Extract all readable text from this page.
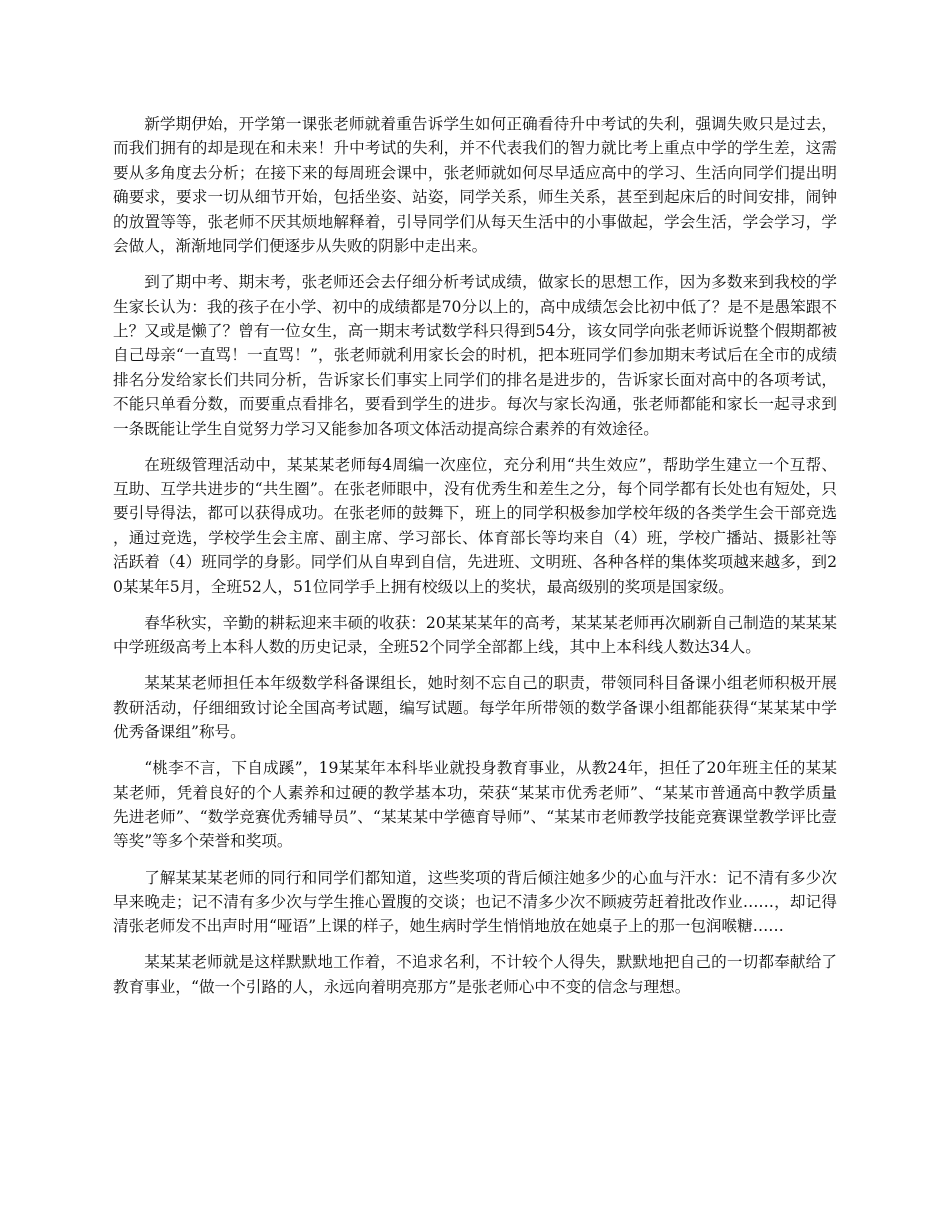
新学期伊始，开学第一课张老师就着重告诉学生如何正确看待升中考试的失利，强调失败只是过去，而我们拥有的却是现在和未来！升中考试的失利，并不代表我们的智力就比考上重点中学的学生差，这需要从多角度去分析；在接下来的每周班会课中，张老师就如何尽早适应高中的学习、生活向同学们提出明确要求，要求一切从细节开始，包括坐姿、站姿，同学关系，师生关系，甚至到起床后的时间安排，闹钟的放置等等，张老师不厌其烦地解释着，引导同学们从每天生活中的小事做起，学会生活，学会学习，学会做人，渐渐地同学们便逐步从失败的阴影中走出来。

到了期中考、期末考，张老师还会去仔细分析考试成绩，做家长的思想工作，因为多数来到我校的学生家长认为：我的孩子在小学、初中的成绩都是70分以上的，高中成绩怎会比初中低了？是不是愚笨跟不上？又或是懒了？曾有一位女生，高一期末考试数学科只得到54分，该女同学向张老师诉说整个假期都被自己母亲“一直骂！一直骂！”，张老师就利用家长会的时机，把本班同学们参加期末考试后在全市的成绩排名分发给家长们共同分析，告诉家长们事实上同学们的排名是进步的，告诉家长面对高中的各项考试，不能只单看分数，而要重点看排名，要看到学生的进步。每次与家长沟通，张老师都能和家长一起寻求到一条既能让学生自觉努力学习又能参加各项文体活动提高综合素养的有效途径。

在班级管理活动中，某某某老师每4周编一次座位，充分利用“共生效应”，帮助学生建立一个互帮、互助、互学共进步的“共生圈”。在张老师眼中，没有优秀生和差生之分，每个同学都有长处也有短处，只要引导得法，都可以获得成功。在张老师的鼓舞下，班上的同学积极参加学校年级的各类学生会干部竞选，通过竞选，学校学生会主席、副主席、学习部长、体育部长等均来自（4）班，学校广播站、摄影社等活跃着（4）班同学的身影。同学们从自卑到自信，先进班、文明班、各种各样的集体奖项越来越多，到20某某年5月，全班52人，51位同学手上拥有校级以上的奖状，最高级别的奖项是国家级。

春华秋实，辛勤的耕耘迎来丰硕的收获：20某某某年的高考，某某某老师再次刷新自己制造的某某某中学班级高考上本科人数的历史记录，全班52个同学全部都上线，其中上本科线人数达34人。

某某某老师担任本年级数学科备课组长，她时刻不忘自己的职责，带领同科目备课小组老师积极开展教研活动，仔细细致讨论全国高考试题，编写试题。每学年所带领的数学备课小组都能获得“某某某中学优秀备课组”称号。

“桃李不言，下自成蹊”，19某某年本科毕业就投身教育事业，从教24年，担任了20年班主任的某某某老师，凭着良好的个人素养和过硬的教学基本功，荣获“某某市优秀老师”、“某某市普通高中教学质量先进老师”、“数学竞赛优秀辅导员”、“某某某中学德育导师”、“某某市老师教学技能竞赛课堂教学评比壹等奖”等多个荣誉和奖项。

了解某某某老师的同行和同学们都知道，这些奖项的背后倾注她多少的心血与汗水：记不清有多少次早来晚走；记不清有多少次与学生推心置腹的交谈；也记不清多少次不顾疲劳赶着批改作业……，却记得清张老师发不出声时用“哑语”上课的样子，她生病时学生悄悄地放在她桌子上的那一包润喉糖……

某某某老师就是这样默默地工作着，不追求名利，不计较个人得失，默默地把自己的一切都奉献给了教育事业，“做一个引路的人，永远向着明亮那方”是张老师心中不变的信念与理想。
